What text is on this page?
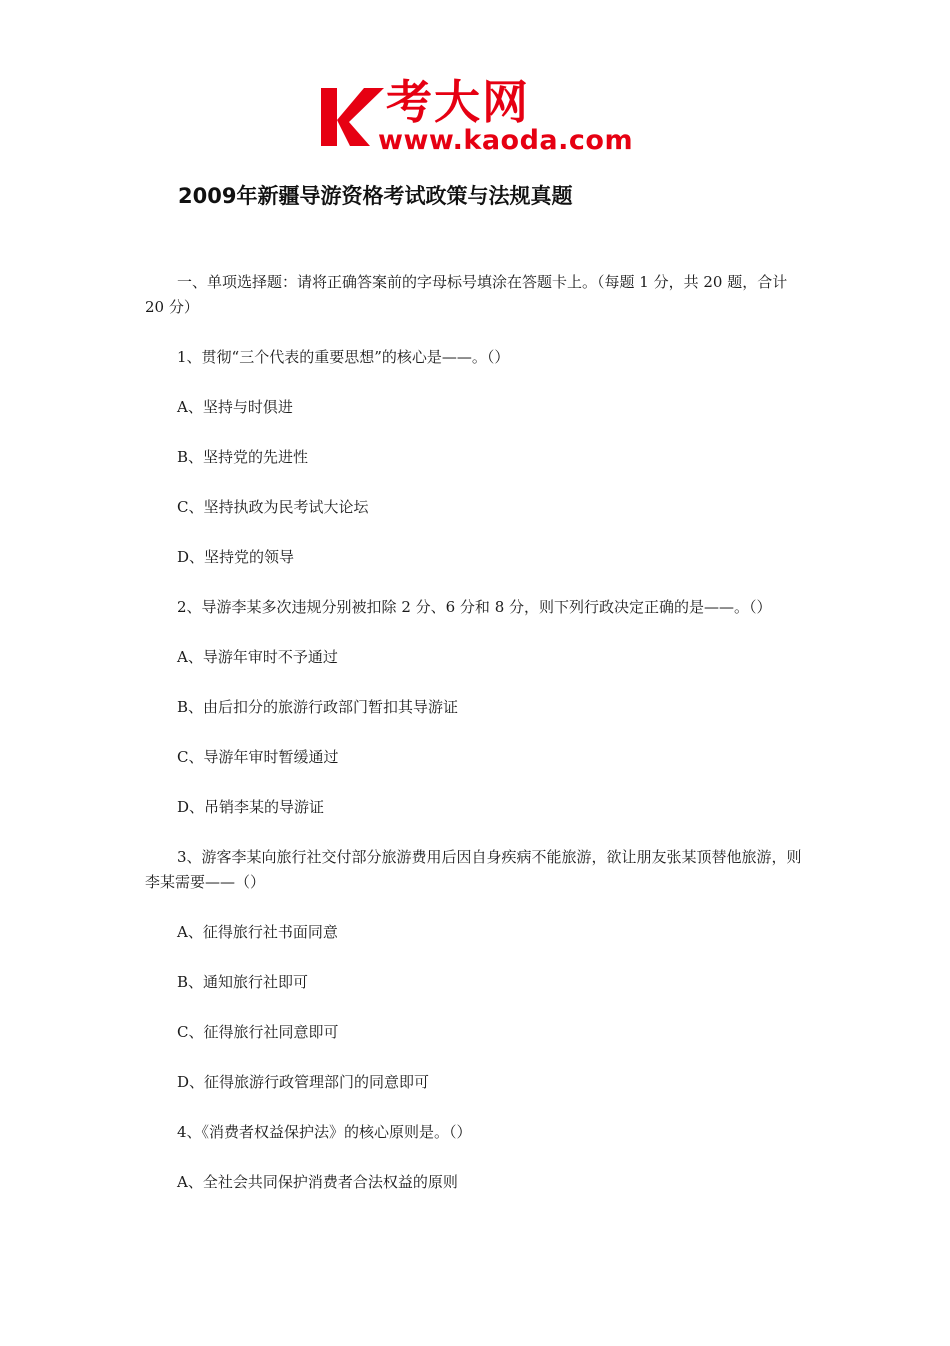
考大网
www.kaoda.com
2009年新疆导游资格考试政策与法规真题

一、单项选择题：请将正确答案前的字母标号填涂在答题卡上。（每题 1 分，共 20 题，合计 20 分）

1、贯彻“三个代表的重要思想”的核心是——。（）

A、坚持与时俱进

B、坚持党的先进性

C、坚持执政为民考试大论坛

D、坚持党的领导

2、导游李某多次违规分别被扣除 2 分、6 分和 8 分，则下列行政决定正确的是——。（）

A、导游年审时不予通过

B、由后扣分的旅游行政部门暂扣其导游证

C、导游年审时暂缓通过

D、吊销李某的导游证

3、游客李某向旅行社交付部分旅游费用后因自身疾病不能旅游，欲让朋友张某顶替他旅游，则李某需要——（）

A、征得旅行社书面同意

B、通知旅行社即可

C、征得旅行社同意即可

D、征得旅游行政管理部门的同意即可

4、《消费者权益保护法》的核心原则是。（）

A、全社会共同保护消费者合法权益的原则
